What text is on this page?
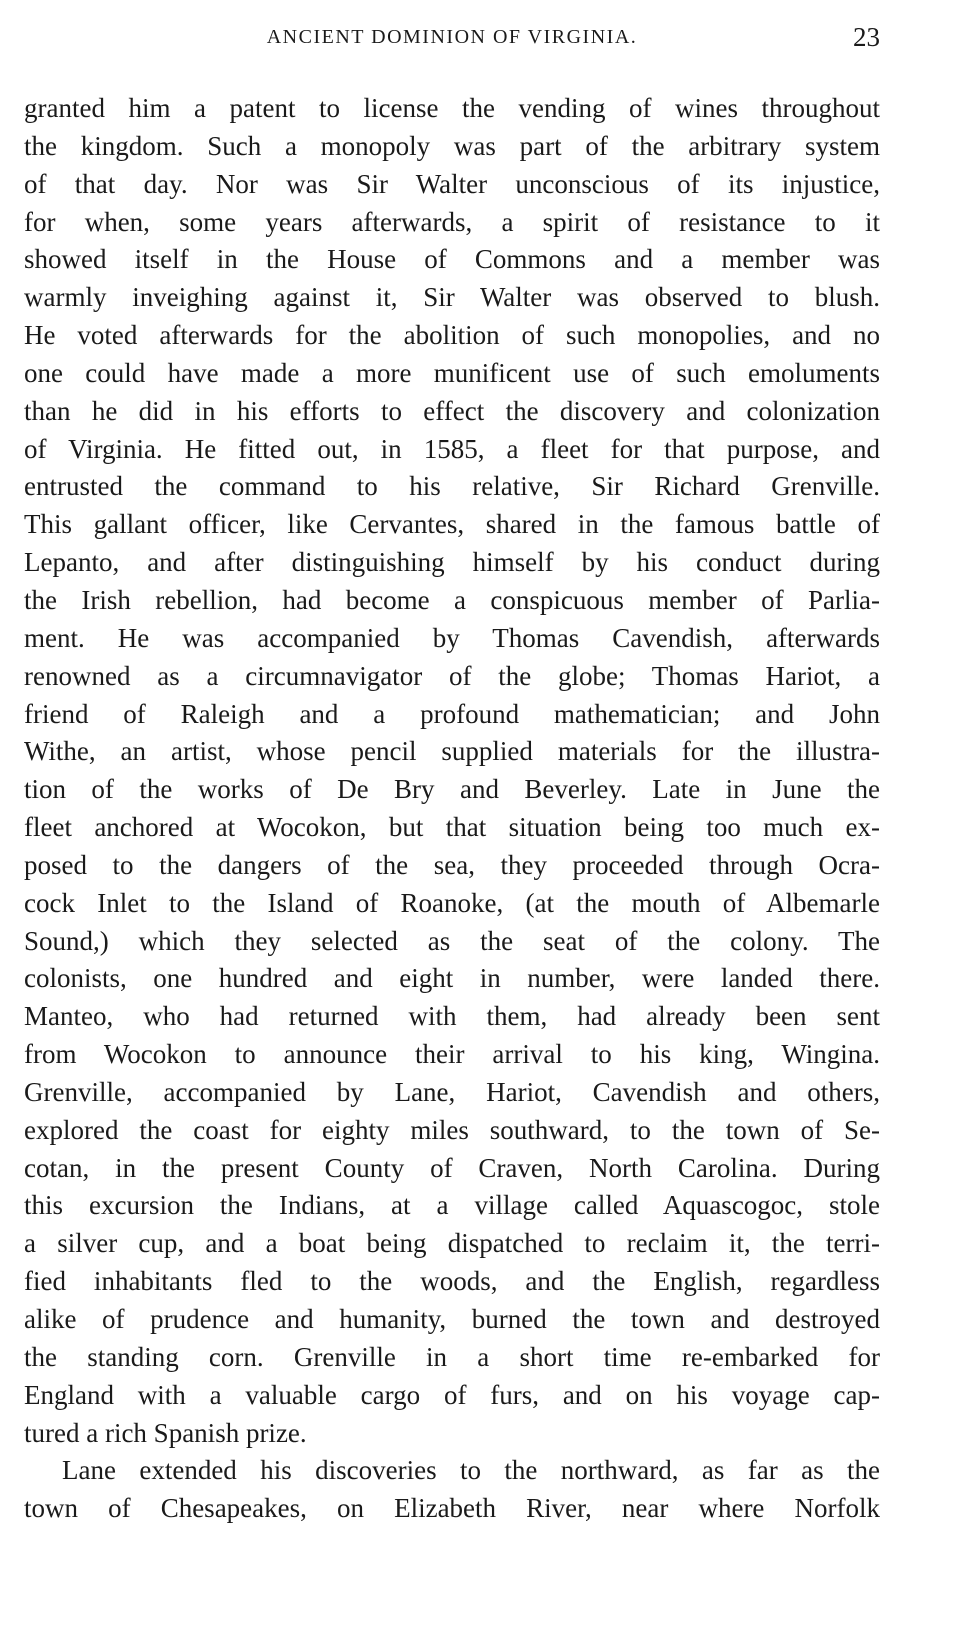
ANCIENT DOMINION OF VIRGINIA.	23
granted him a patent to license the vending of wines throughout
the kingdom. Such a monopoly was part of the arbitrary system
of that day. Nor was Sir Walter unconscious of its injustice,
for when, some years afterwards, a spirit of resistance to it
showed itself in the House of Commons and a member was
warmly inveighing against it, Sir Walter was observed to blush.
He voted afterwards for the abolition of such monopolies, and no
one could have made a more munificent use of such emoluments
than he did in his efforts to effect the discovery and colonization
of Virginia. He fitted out, in 1585, a fleet for that purpose, and
entrusted the command to his relative, Sir Richard Grenville.
This gallant officer, like Cervantes, shared in the famous battle of
Lepanto, and after distinguishing himself by his conduct during
the Irish rebellion, had become a conspicuous member of Parlia-
ment. He was accompanied by Thomas Cavendish, afterwards
renowned as a circumnavigator of the globe; Thomas Hariot, a
friend of Raleigh and a profound mathematician; and John
Withe, an artist, whose pencil supplied materials for the illustra-
tion of the works of De Bry and Beverley. Late in June the
fleet anchored at Wocokon, but that situation being too much ex-
posed to the dangers of the sea, they proceeded through Ocra-
cock Inlet to the Island of Roanoke, (at the mouth of Albemarle
Sound,) which they selected as the seat of the colony. The
colonists, one hundred and eight in number, were landed there.
Manteo, who had returned with them, had already been sent
from Wocokon to announce their arrival to his king, Wingina.
Grenville, accompanied by Lane, Hariot, Cavendish and others,
explored the coast for eighty miles southward, to the town of Se-
cotan, in the present County of Craven, North Carolina. During
this excursion the Indians, at a village called Aquascogoc, stole
a silver cup, and a boat being dispatched to reclaim it, the terri-
fied inhabitants fled to the woods, and the English, regardless
alike of prudence and humanity, burned the town and destroyed
the standing corn. Grenville in a short time re-embarked for
England with a valuable cargo of furs, and on his voyage cap-
tured a rich Spanish prize.
Lane extended his discoveries to the northward, as far as the
town of Chesapeakes, on Elizabeth River, near where Norfolk
